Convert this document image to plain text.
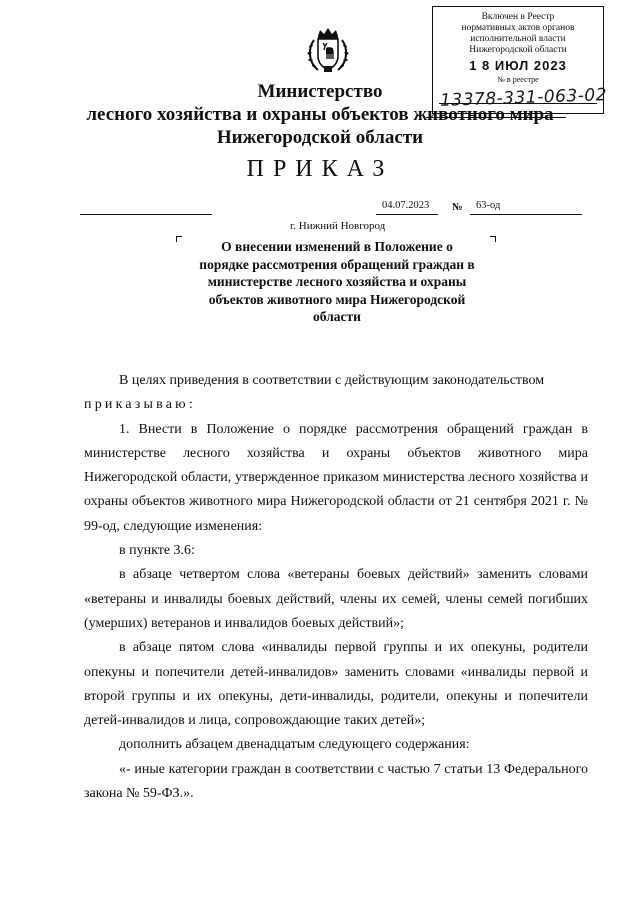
Включен в Реестр
нормативных актов органов
исполнительной власти
Нижегородской области
1 8 ИЮЛ 2023
№ в реестре
13378-331-063-02
Министерство
лесного хозяйства и охраны объектов животного мира
Нижегородской области
ПРИКАЗ
04.07.2023 № 63-од
г. Нижний Новгород
О внесении изменений в Положение о
порядке рассмотрения обращений граждан в
министерстве лесного хозяйства и охраны
объектов животного мира Нижегородской
области

В целях приведения в соответствии с действующим законодательством

приказываю:

1. Внести в Положение о порядке рассмотрения обращений граждан в министерстве лесного хозяйства и охраны объектов животного мира Нижегородской области, утвержденное приказом министерства лесного хозяйства и охраны объектов животного мира Нижегородской области от 21 сентября 2021 г. № 99-од, следующие изменения:

в пункте 3.6:

в абзаце четвертом слова «ветераны боевых действий» заменить словами «ветераны и инвалиды боевых действий, члены их семей, члены семей погибших (умерших) ветеранов и инвалидов боевых действий»;

в абзаце пятом слова «инвалиды первой группы и их опекуны, родители опекуны и попечители детей-инвалидов» заменить словами «инвалиды первой и второй группы и их опекуны, дети-инвалиды, родители, опекуны и попечители детей-инвалидов и лица, сопровождающие таких детей»;

дополнить абзацем двенадцатым следующего содержания:

«- иные категории граждан в соответствии с частью 7 статьи 13 Федерального закона № 59-ФЗ.».
